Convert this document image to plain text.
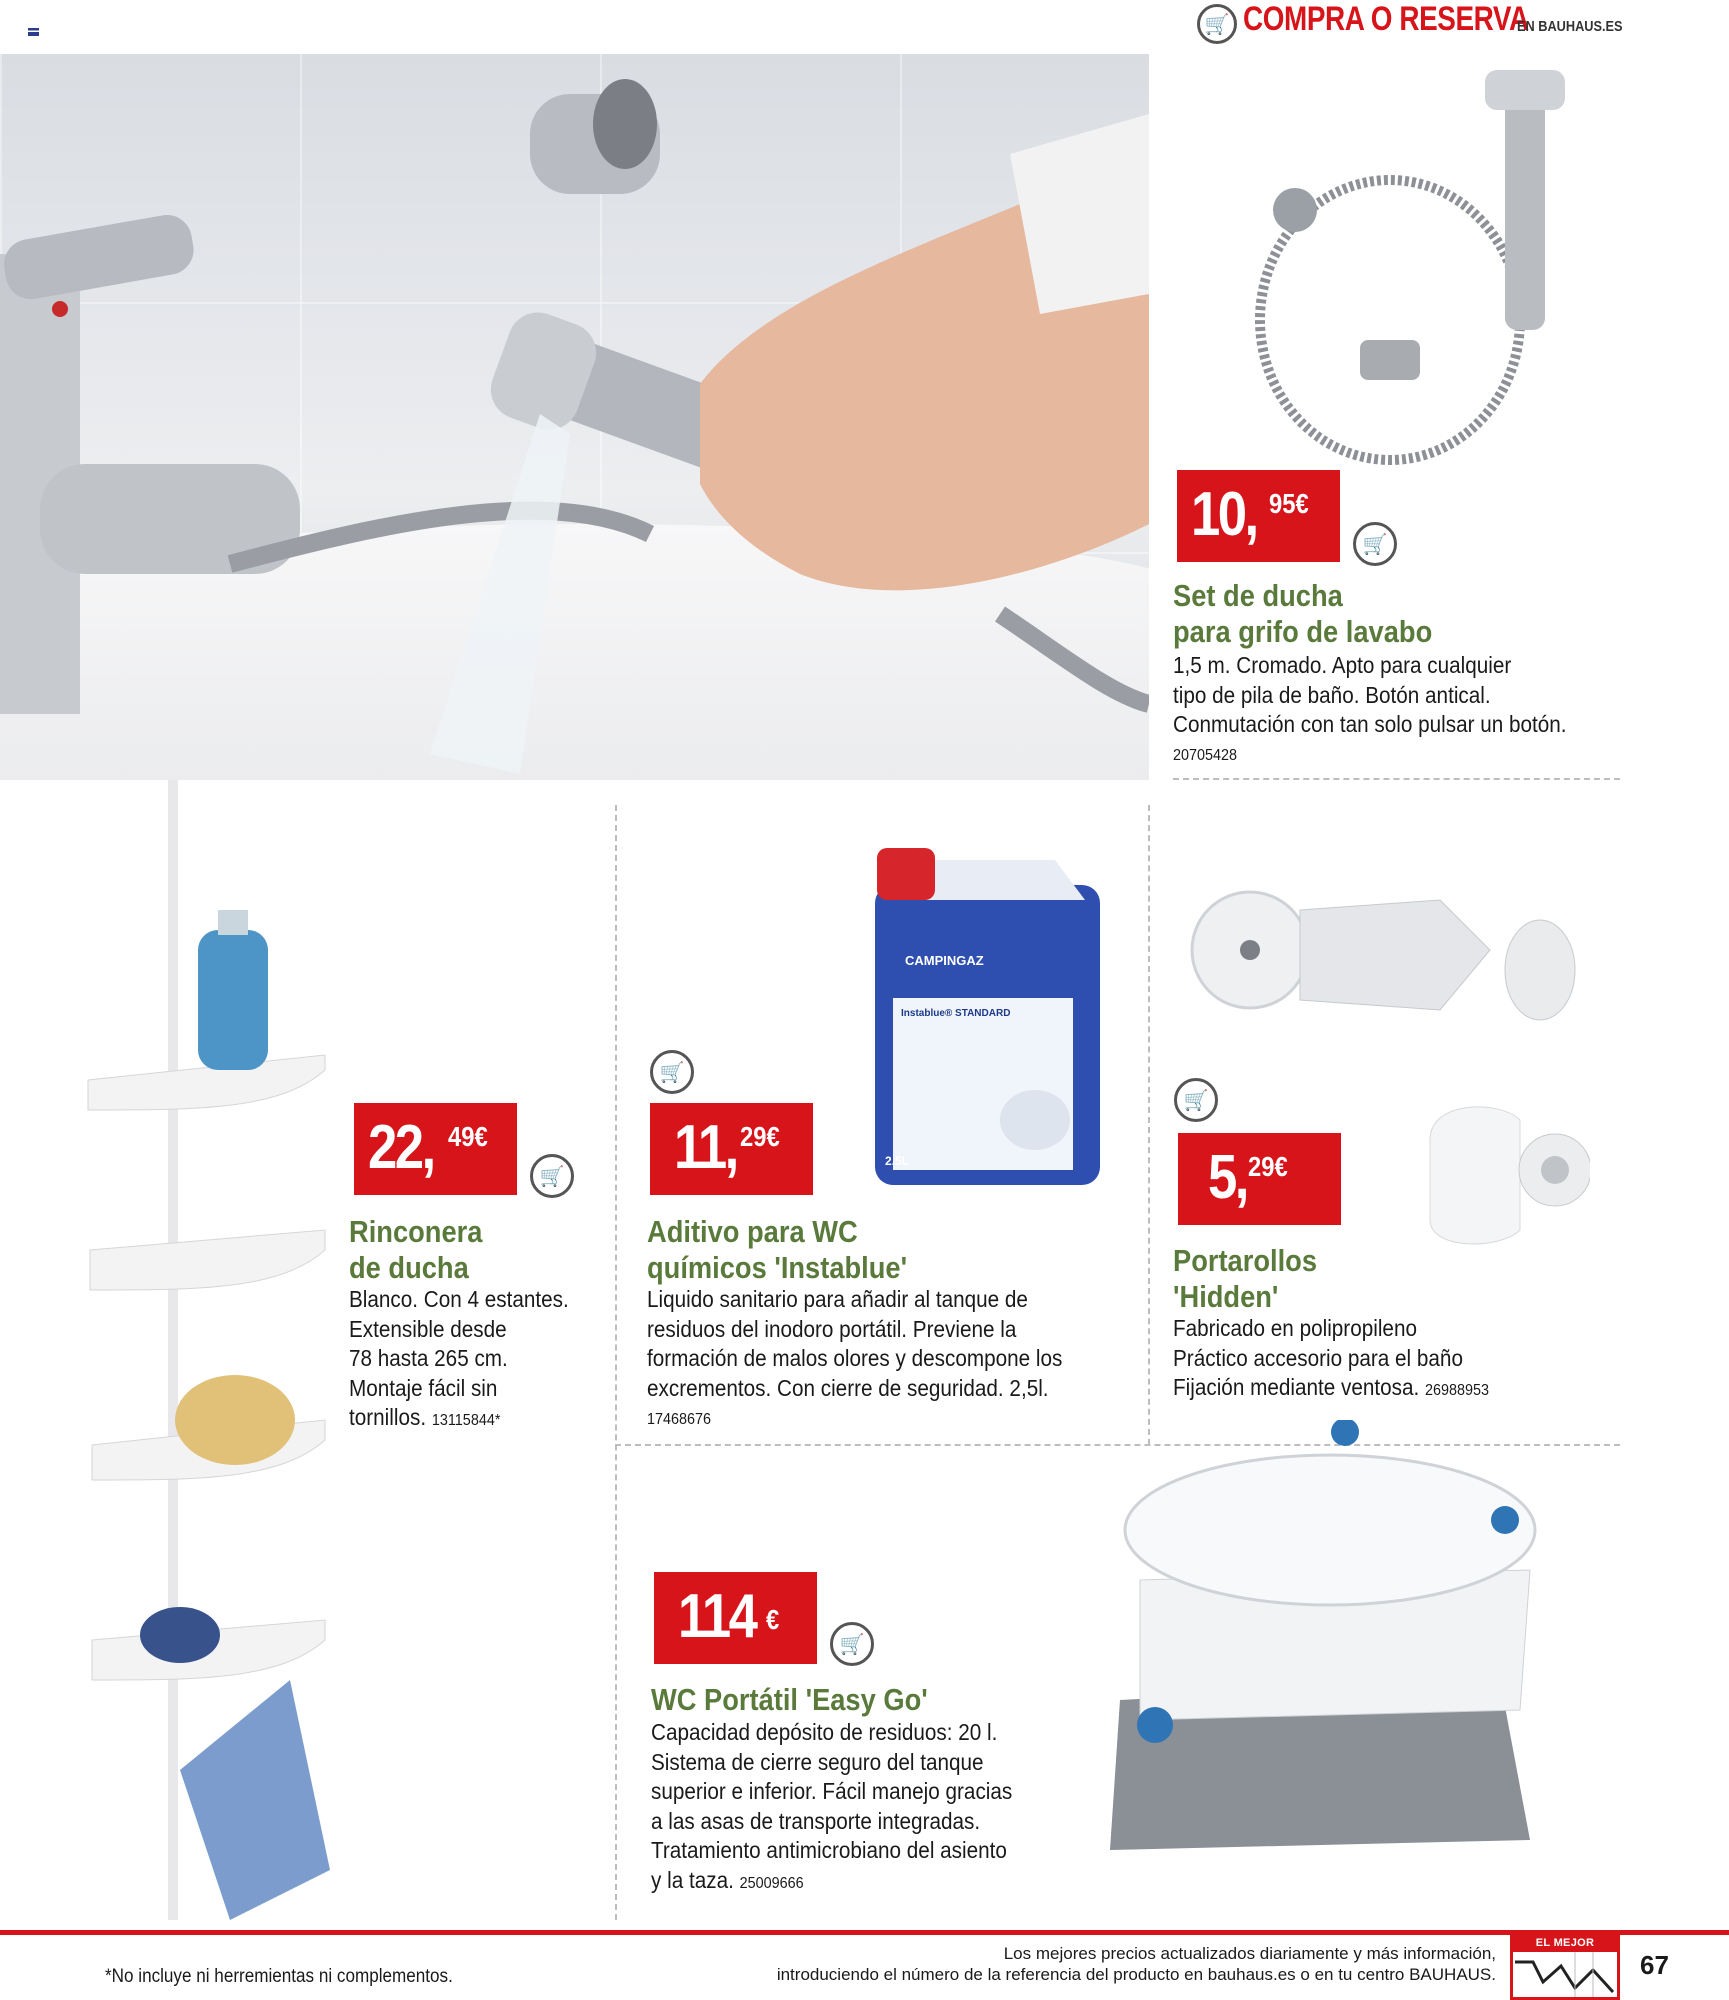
🛒 COMPRA O RESERVA
EN BAUHAUS.ES
10, 95€
🛒
Set de ducha
para grifo de lavabo
1,5 m. Cromado. Apto para cualquier
tipo de pila de baño. Botón antical.
Conmutación con tan solo pulsar un botón.
20705428
22, 49€
🛒
Rinconera
de ducha
Blanco. Con 4 estantes.
Extensible desde
78 hasta 265 cm.
Montaje fácil sin
tornillos. 13115844*
CAMPINGAZ
Instablue® STANDARD
2.5L
🛒
11, 29€
Aditivo para WC
químicos 'Instablue'
Liquido sanitario para añadir al tanque de
residuos del inodoro portátil. Previene la
formación de malos olores y descompone los
excrementos. Con cierre de seguridad. 2,5l.
17468676
🛒
5, 29€
Portarollos
'Hidden'
Fabricado en polipropileno
Práctico accesorio para el baño
Fijación mediante ventosa. 26988953
114 €
🛒
WC Portátil 'Easy Go'
Capacidad depósito de residuos: 20 l.
Sistema de cierre seguro del tanque
superior e inferior. Fácil manejo gracias
a las asas de transporte integradas.
Tratamiento antimicrobiano del asiento
y la taza. 25009666
*No incluye ni herremientas ni complementos.
Los mejores precios actualizados diariamente y más información,
introduciendo el número de la referencia del producto en bauhaus.es o en tu centro BAUHAUS.
EL MEJOR PRECIO	67
